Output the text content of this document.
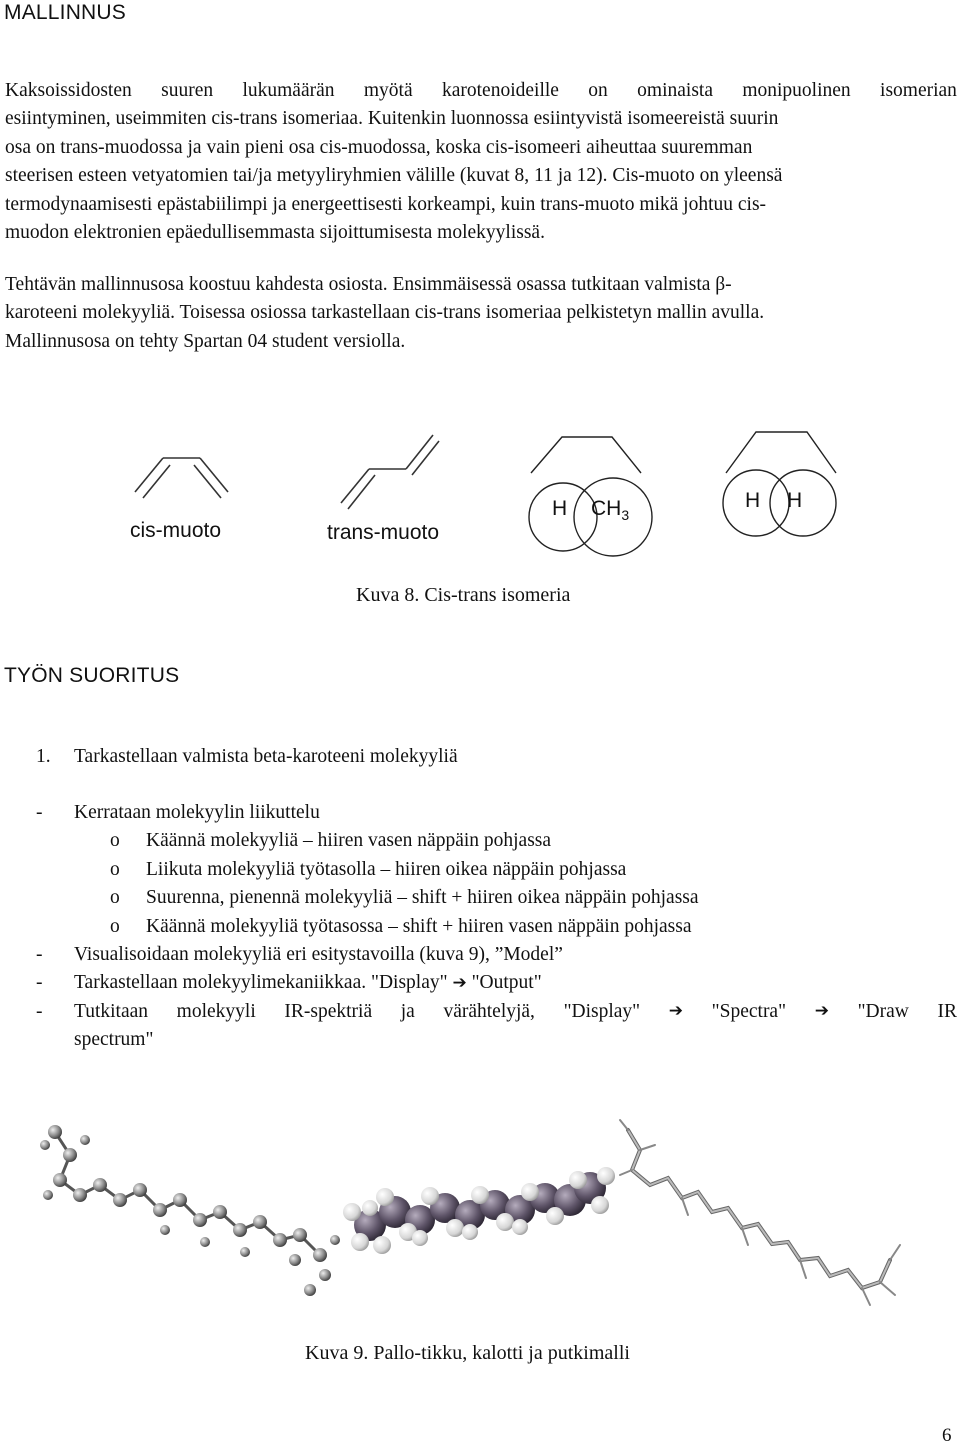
MALLINNUS
Kaksoissidosten suuren lukumäärän myötä karotenoideille on ominaista monipuolinen isomerian
esiintyminen, useimmiten cis-trans isomeriaa. Kuitenkin luonnossa esiintyvistä isomeereistä suurin
osa on trans-muodossa ja vain pieni osa cis-muodossa, koska cis-isomeeri aiheuttaa suuremman
steerisen esteen vetyatomien tai/ja metyyliryhmien välille (kuvat 8, 11 ja 12). Cis-muoto on yleensä
termodynaamisesti epästabiilimpi ja energeettisesti korkeampi, kuin trans-muoto mikä johtuu cis-
muodon elektronien epäedullisemmasta sijoittumisesta molekyylissä.
Tehtävän mallinnusosa koostuu kahdesta osiosta. Ensimmäisessä osassa tutkitaan valmista β-
karoteeni molekyyliä. Toisessa osiossa tarkastellaan cis-trans isomeriaa pelkistetyn mallin avulla.
Mallinnusosa on tehty Spartan 04 student versiolla.
cis-muoto	trans-muoto
H $CH_3$
H H
Kuva 8. Cis-trans isomeria
TYÖN SUORITUS
1. Tarkastellaan valmista beta-karoteeni molekyyliä
- Kerrataan molekyylin liikuttelu
o Käännä molekyyliä – hiiren vasen näppäin pohjassa
o Liikuta molekyyliä työtasolla – hiiren oikea näppäin pohjassa
o Suurenna, pienennä molekyyliä – shift + hiiren oikea näppäin pohjassa
o Käännä molekyyliä työtasossa – shift + hiiren vasen näppäin pohjassa
- Visualisoidaan molekyyliä eri esitystavoilla (kuva 9), ”Model”
- Tarkastellaan molekyylimekaniikkaa. "Display" ➔ "Output"
- Tutkitaan molekyyli IR-spektriä ja värähtelyjä, "Display" ➔ "Spectra" ➔ "Draw IR
spectrum"
Kuva 9. Pallo-tikku, kalotti ja putkimalli
6
